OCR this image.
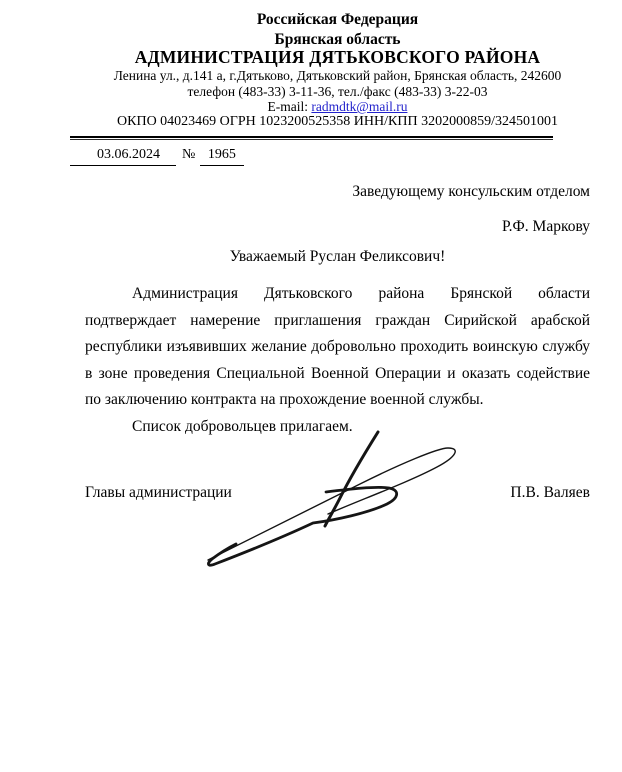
Российская Федерация
Брянская область
АДМИНИСТРАЦИЯ ДЯТЬКОВСКОГО РАЙОНА
Ленина ул., д.141 а, г.Дятьково, Дятьковский район, Брянская область, 242600
телефон (483-33) 3-11-36, тел./факс (483-33) 3-22-03
E-mail: radmdtk@mail.ru
ОКПО 04023469 ОГРН 1023200525358 ИНН/КПП 3202000859/324501001
03.06.2024 № 1965
Заведующему консульским отделом
Р.Ф. Маркову
Уважаемый Руслан Феликсович!

Администрация Дятьковского района Брянской области подтверждает намерение приглашения граждан Сирийской арабской республики изъявивших желание добровольно проходить воинскую службу в зоне проведения Специальной Военной Операции и оказать содействие по заключению контракта на прохождение военной службы.

Список добровольцев прилагаем.

Главы администрации	П.В. Валяев
